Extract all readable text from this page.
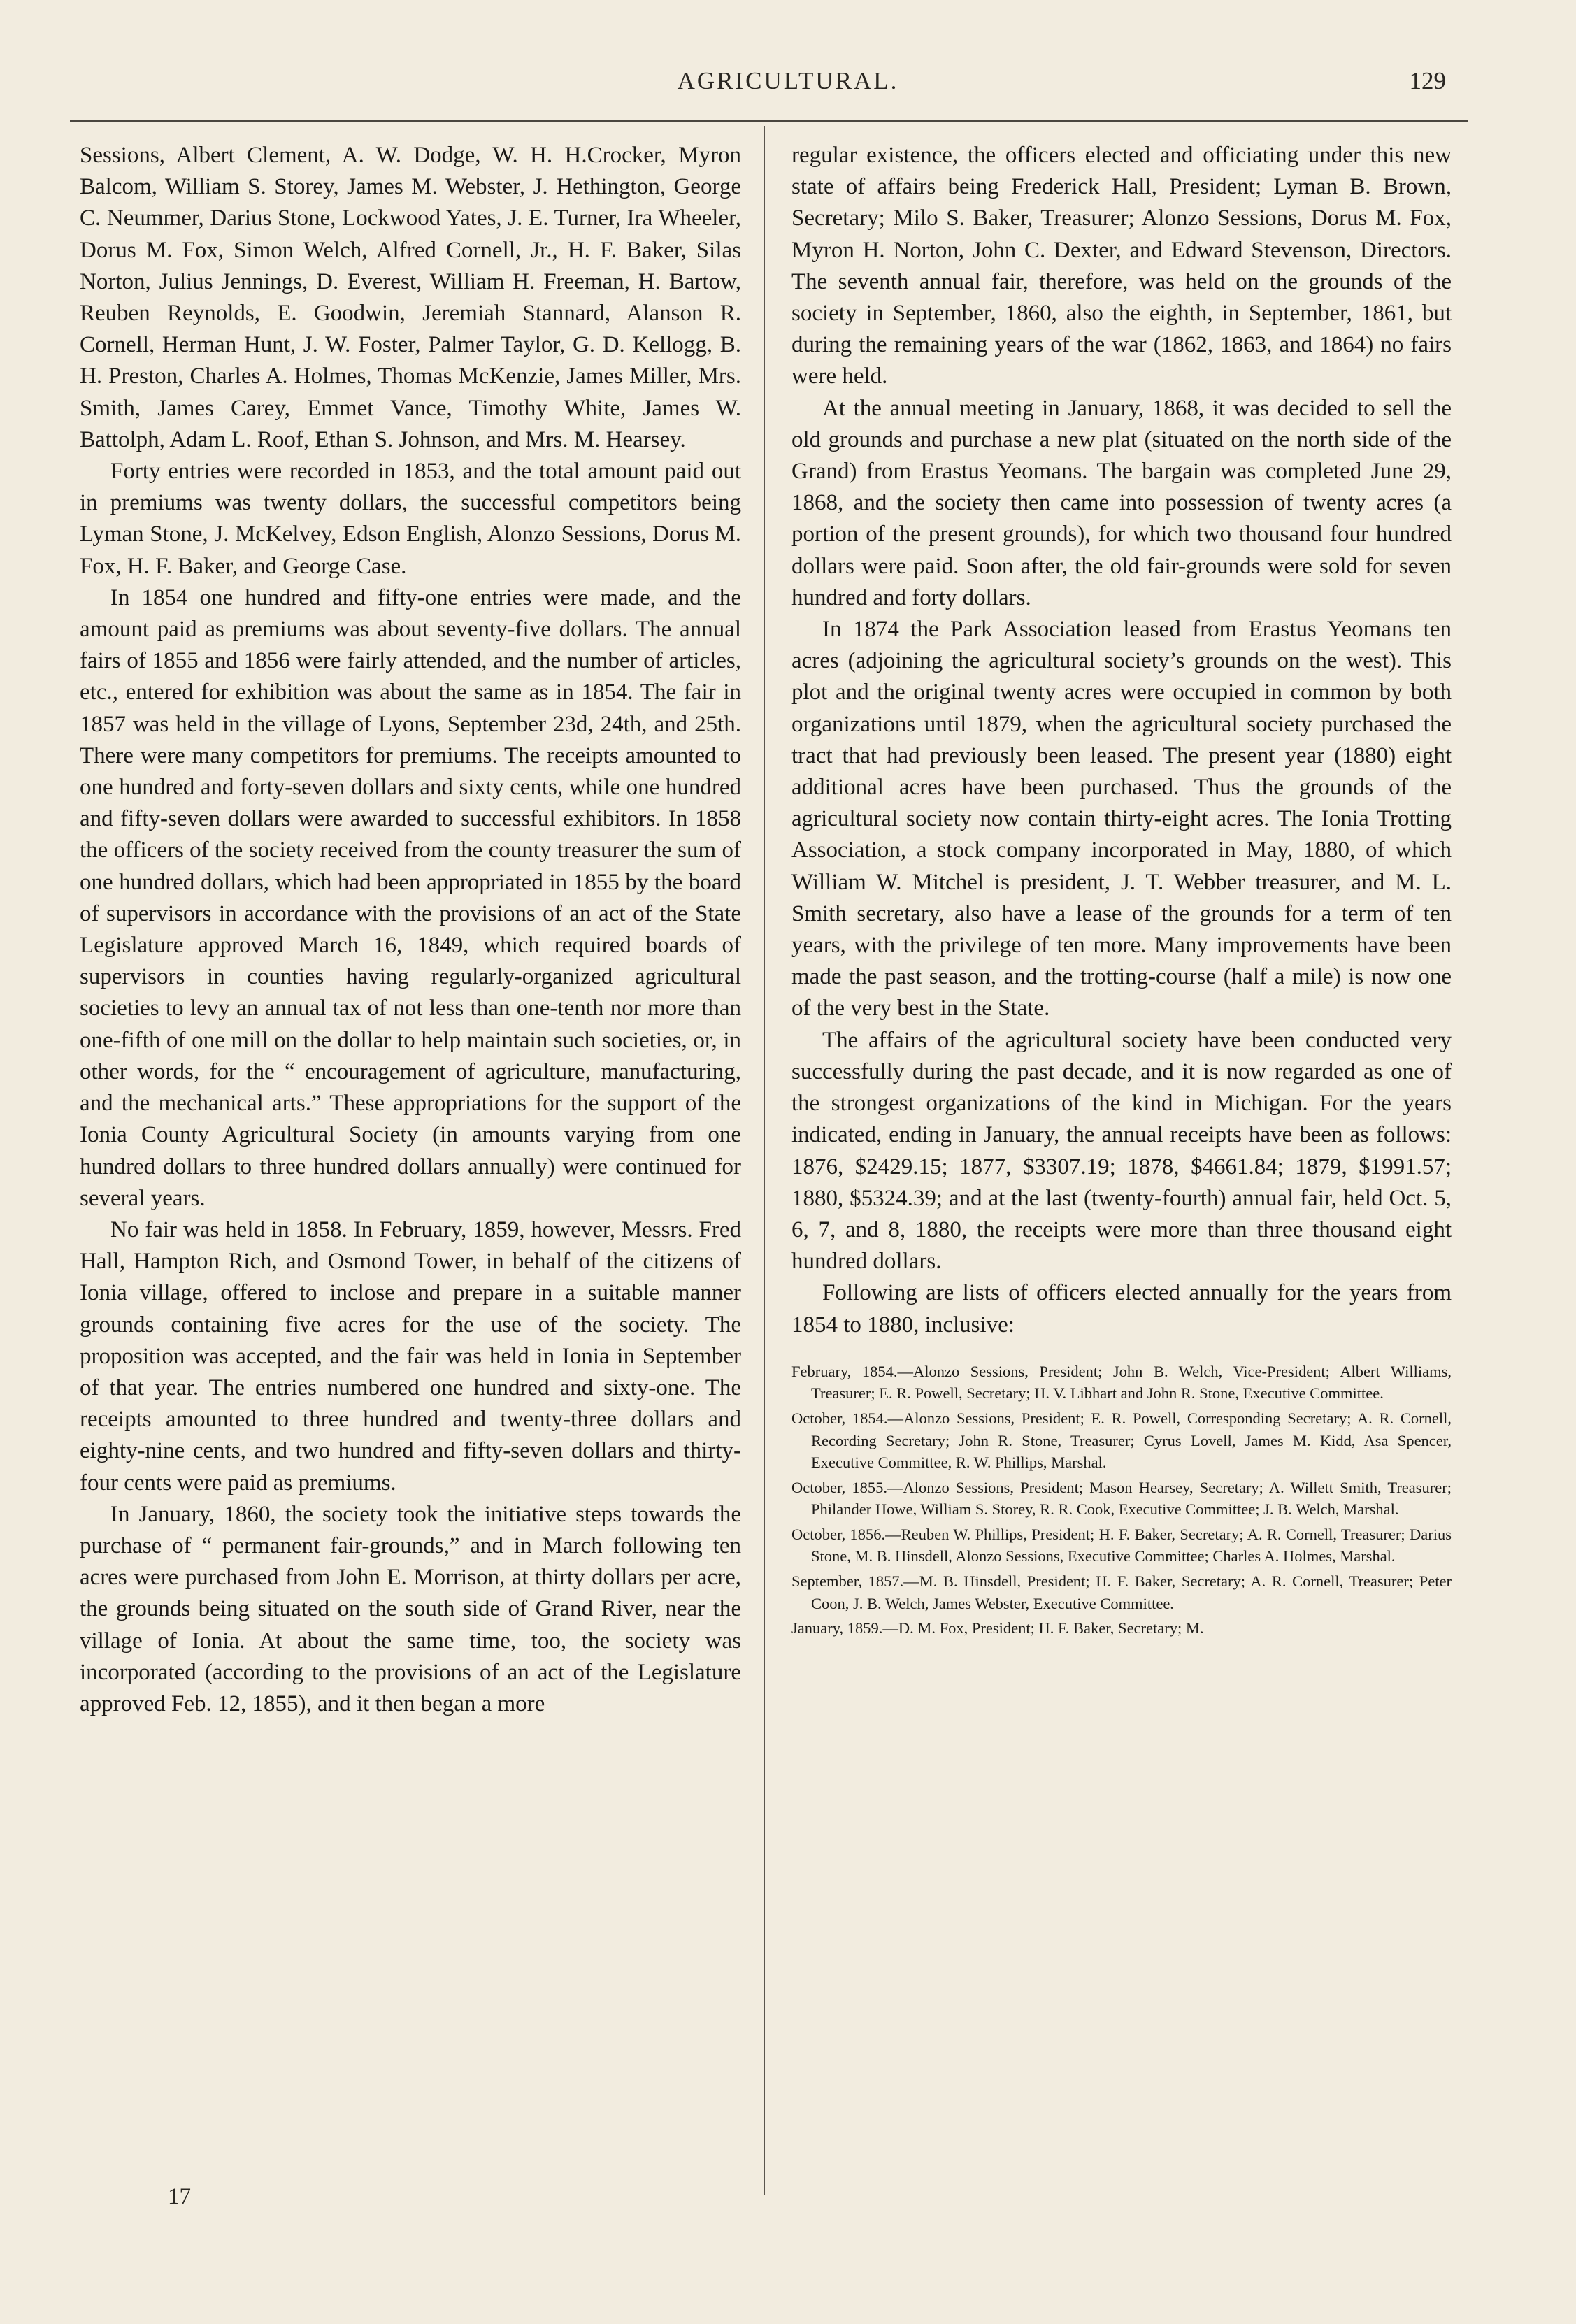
AGRICULTURAL.	129

Sessions, Albert Clement, A. W. Dodge, W. H. H.Crocker, Myron Balcom, William S. Storey, James M. Webster, J. Hethington, George C. Neummer, Darius Stone, Lockwood Yates, J. E. Turner, Ira Wheeler, Dorus M. Fox, Simon Welch, Alfred Cornell, Jr., H. F. Baker, Silas Norton, Julius Jennings, D. Everest, William H. Freeman, H. Bartow, Reuben Reynolds, E. Goodwin, Jeremiah Stannard, Alanson R. Cornell, Herman Hunt, J. W. Foster, Palmer Taylor, G. D. Kellogg, B. H. Preston, Charles A. Holmes, Thomas McKenzie, James Miller, Mrs. Smith, James Carey, Emmet Vance, Timothy White, James W. Battolph, Adam L. Roof, Ethan S. Johnson, and Mrs. M. Hearsey.

Forty entries were recorded in 1853, and the total amount paid out in premiums was twenty dollars, the successful competitors being Lyman Stone, J. McKelvey, Edson English, Alonzo Sessions, Dorus M. Fox, H. F. Baker, and George Case.

In 1854 one hundred and fifty-one entries were made, and the amount paid as premiums was about seventy-five dollars. The annual fairs of 1855 and 1856 were fairly attended, and the number of articles, etc., entered for exhibition was about the same as in 1854. The fair in 1857 was held in the village of Lyons, September 23d, 24th, and 25th. There were many competitors for premiums. The receipts amounted to one hundred and forty-seven dollars and sixty cents, while one hundred and fifty-seven dollars were awarded to successful exhibitors. In 1858 the officers of the society received from the county treasurer the sum of one hundred dollars, which had been appropriated in 1855 by the board of supervisors in accordance with the provisions of an act of the State Legislature approved March 16, 1849, which required boards of supervisors in counties having regularly-organized agricultural societies to levy an annual tax of not less than one-tenth nor more than one-fifth of one mill on the dollar to help maintain such societies, or, in other words, for the “ encouragement of agriculture, manufacturing, and the mechanical arts.” These appropriations for the support of the Ionia County Agricultural Society (in amounts varying from one hundred dollars to three hundred dollars annually) were continued for several years.

No fair was held in 1858. In February, 1859, however, Messrs. Fred Hall, Hampton Rich, and Osmond Tower, in behalf of the citizens of Ionia village, offered to inclose and prepare in a suitable manner grounds containing five acres for the use of the society. The proposition was accepted, and the fair was held in Ionia in September of that year. The entries numbered one hundred and sixty-one. The receipts amounted to three hundred and twenty-three dollars and eighty-nine cents, and two hundred and fifty-seven dollars and thirty-four cents were paid as premiums.

In January, 1860, the society took the initiative steps towards the purchase of “ permanent fair-grounds,” and in March following ten acres were purchased from John E. Morrison, at thirty dollars per acre, the grounds being situated on the south side of Grand River, near the village of Ionia. At about the same time, too, the society was incorporated (according to the provisions of an act of the Legislature approved Feb. 12, 1855), and it then began a more

regular existence, the officers elected and officiating under this new state of affairs being Frederick Hall, President; Lyman B. Brown, Secretary; Milo S. Baker, Treasurer; Alonzo Sessions, Dorus M. Fox, Myron H. Norton, John C. Dexter, and Edward Stevenson, Directors. The seventh annual fair, therefore, was held on the grounds of the society in September, 1860, also the eighth, in September, 1861, but during the remaining years of the war (1862, 1863, and 1864) no fairs were held.

At the annual meeting in January, 1868, it was decided to sell the old grounds and purchase a new plat (situated on the north side of the Grand) from Erastus Yeomans. The bargain was completed June 29, 1868, and the society then came into possession of twenty acres (a portion of the present grounds), for which two thousand four hundred dollars were paid. Soon after, the old fair-grounds were sold for seven hundred and forty dollars.

In 1874 the Park Association leased from Erastus Yeomans ten acres (adjoining the agricultural society’s grounds on the west). This plot and the original twenty acres were occupied in common by both organizations until 1879, when the agricultural society purchased the tract that had previously been leased. The present year (1880) eight additional acres have been purchased. Thus the grounds of the agricultural society now contain thirty-eight acres. The Ionia Trotting Association, a stock company incorporated in May, 1880, of which William W. Mitchel is president, J. T. Webber treasurer, and M. L. Smith secretary, also have a lease of the grounds for a term of ten years, with the privilege of ten more. Many improvements have been made the past season, and the trotting-course (half a mile) is now one of the very best in the State.

The affairs of the agricultural society have been conducted very successfully during the past decade, and it is now regarded as one of the strongest organizations of the kind in Michigan. For the years indicated, ending in January, the annual receipts have been as follows: 1876, $2429.15; 1877, $3307.19; 1878, $4661.84; 1879, $1991.57; 1880, $5324.39; and at the last (twenty-fourth) annual fair, held Oct. 5, 6, 7, and 8, 1880, the receipts were more than three thousand eight hundred dollars.

Following are lists of officers elected annually for the years from 1854 to 1880, inclusive:

February, 1854.—Alonzo Sessions, President; John B. Welch, Vice-President; Albert Williams, Treasurer; E. R. Powell, Secretary; H. V. Libhart and John R. Stone, Executive Committee.

October, 1854.—Alonzo Sessions, President; E. R. Powell, Corresponding Secretary; A. R. Cornell, Recording Secretary; John R. Stone, Treasurer; Cyrus Lovell, James M. Kidd, Asa Spencer, Executive Committee, R. W. Phillips, Marshal.

October, 1855.—Alonzo Sessions, President; Mason Hearsey, Secretary; A. Willett Smith, Treasurer; Philander Howe, William S. Storey, R. R. Cook, Executive Committee; J. B. Welch, Marshal.

October, 1856.—Reuben W. Phillips, President; H. F. Baker, Secretary; A. R. Cornell, Treasurer; Darius Stone, M. B. Hinsdell, Alonzo Sessions, Executive Committee; Charles A. Holmes, Marshal.

September, 1857.—M. B. Hinsdell, President; H. F. Baker, Secretary; A. R. Cornell, Treasurer; Peter Coon, J. B. Welch, James Webster, Executive Committee.

January, 1859.—D. M. Fox, President; H. F. Baker, Secretary; M.

17
